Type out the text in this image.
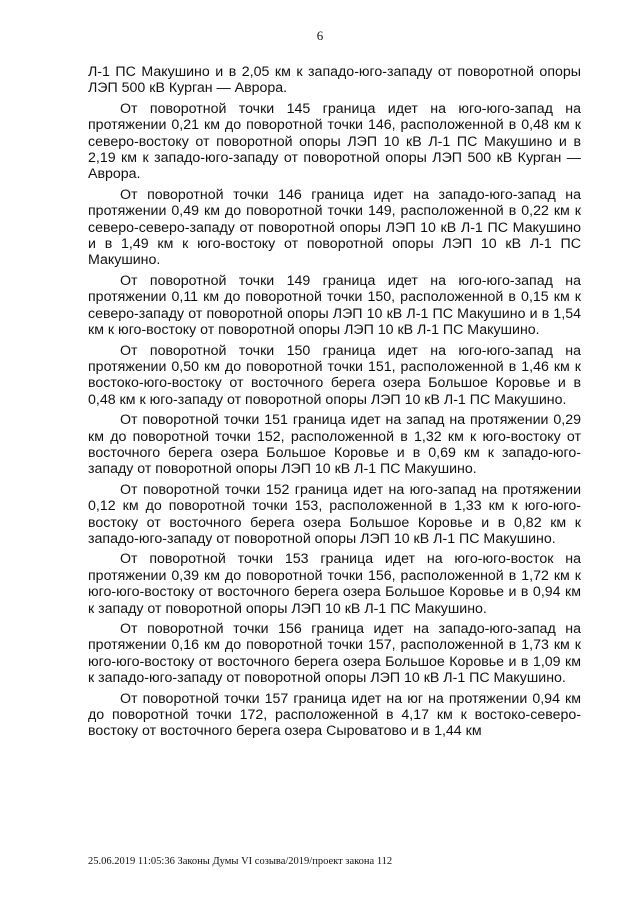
6

Л-1 ПС Макушино и в 2,05 км к западо-юго-западу от поворотной опоры ЛЭП 500 кВ Курган — Аврора.

От поворотной точки 145 граница идет на юго-юго-запад на протяжении 0,21 км до поворотной точки 146, расположенной в 0,48 км к северо-востоку от поворотной опоры ЛЭП 10 кВ Л-1 ПС Макушино и в 2,19 км к западо-юго-западу от поворотной опоры ЛЭП 500 кВ Курган — Аврора.

От поворотной точки 146 граница идет на западо-юго-запад на протяжении 0,49 км до поворотной точки 149, расположенной в 0,22 км к северо-северо-западу от поворотной опоры ЛЭП 10 кВ Л-1 ПС Макушино и в 1,49 км к юго-востоку от поворотной опоры ЛЭП 10 кВ Л-1 ПС Макушино.

От поворотной точки 149 граница идет на юго-юго-запад на протяжении 0,11 км до поворотной точки 150, расположенной в 0,15 км к северо-западу от поворотной опоры ЛЭП 10 кВ Л-1 ПС Макушино и в 1,54 км к юго-востоку от поворотной опоры ЛЭП 10 кВ Л-1 ПС Макушино.

От поворотной точки 150 граница идет на юго-юго-запад на протяжении 0,50 км до поворотной точки 151, расположенной в 1,46 км к востоко-юго-востоку от восточного берега озера Большое Коровье и в 0,48 км к юго-западу от поворотной опоры ЛЭП 10 кВ Л-1 ПС Макушино.

От поворотной точки 151 граница идет на запад на протяжении 0,29 км до поворотной точки 152, расположенной в 1,32 км к юго-востоку от восточного берега озера Большое Коровье и в 0,69 км к западо-юго-западу от поворотной опоры ЛЭП 10 кВ Л-1 ПС Макушино.

От поворотной точки 152 граница идет на юго-запад на протяжении 0,12 км до поворотной точки 153, расположенной в 1,33 км к юго-юго-востоку от восточного берега озера Большое Коровье и в 0,82 км к западо-юго-западу от поворотной опоры ЛЭП 10 кВ Л-1 ПС Макушино.

От поворотной точки 153 граница идет на юго-юго-восток на протяжении 0,39 км до поворотной точки 156, расположенной в 1,72 км к юго-юго-востоку от восточного берега озера Большое Коровье и в 0,94 км к западу от поворотной опоры ЛЭП 10 кВ Л-1 ПС Макушино.

От поворотной точки 156 граница идет на западо-юго-запад на протяжении 0,16 км до поворотной точки 157, расположенной в 1,73 км к юго-юго-востоку от восточного берега озера Большое Коровье и в 1,09 км к западо-юго-западу от поворотной опоры ЛЭП 10 кВ Л-1 ПС Макушино.

От поворотной точки 157 граница идет на юг на протяжении 0,94 км до поворотной точки 172, расположенной в 4,17 км к востоко-северо-востоку от восточного берега озера Сыроватово и в 1,44 км

25.06.2019 11:05:36 Законы Думы VI созыва/2019/проект закона 112
